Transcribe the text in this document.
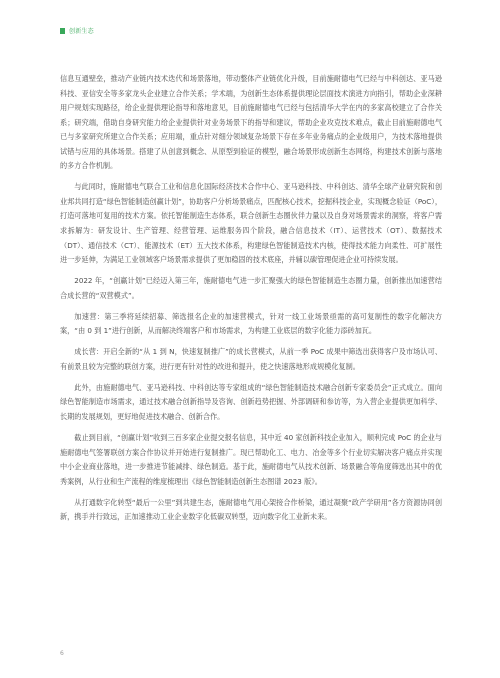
创新生态

信息互通壁垒，推动产业链内技术迭代和场景落地，带动整体产业链优化升级，目前施耐德电气已经与中科创达、亚马逊科技、亚信安全等多家龙头企业建立合作关系；学术端，为创新生态体系提供理论层面技术演进方向指引，帮助企业深耕用户规划实现路径，给企业提供理论指导和落地意见，目前施耐德电气已经与包括清华大学在内的多家高校建立了合作关系；研究端，借助自身研究能力给企业提供针对业务场景下的指导和建议，帮助企业攻克技术难点，截止目前施耐德电气已与多家研究所建立合作关系；应用端，重点针对细分领域复杂场景下存在多年业务痛点的企业级用户，为技术落地提供试错与应用的具体场景。搭建了从创意到概念、从原型到验证的模型，融合场景形成创新生态网络，构建技术创新与落地的多方合作机制。

与此同时，施耐德电气联合工业和信息化国际经济技术合作中心、亚马逊科技、中科创达、清华全球产业研究院和创业邦共同打造“绿色智能制造创赢计划”，协助客户分析场景痛点，匹配核心技术，挖掘科技企业，实现概念验证（PoC），打造可落地可复用的技术方案。依托智能制造生态体系，联合创新生态圈伙伴力量以及自身对场景需求的洞察，将客户需求拆解为：研发设计、生产管理、经营管理、运维服务四个阶段，融合信息技术（IT）、运营技术（OT）、数据技术（DT）、通信技术（CT）、能源技术（ET）五大技术体系，构建绿色智能制造技术内核，使得技术能力向柔性、可扩展性进一步延伸，为满足工业领域客户场景需求提供了更加稳固的技术底座，并辅以碳管理促进企业可持续发展。

2022 年，“创赢计划”已经迈入第三年，施耐德电气进一步汇聚强大的绿色智能制造生态圈力量，创新推出加速营结合成长营的“双营模式”。

加速营：第三季将延续招募、筛选报名企业的加速营模式，针对一线工业场景亟需的高可复制性的数字化解决方案，“由 0 到 1”进行创新，从而解决终端客户和市场需求，为构建工业底层的数字化能力添砖加瓦。

成长营：开启全新的“从 1 到 N，快速复制推广”的成长营模式，从前一季 PoC 成果中筛选出获得客户及市场认可、有前景且较为完整的联创方案，进行更有针对性的改进和提升，使之快速落地形成规模化复制。

此外，由施耐德电气、亚马逊科技、中科创达等专家组成的“绿色智能制造技术融合创新专家委员会”正式成立。面向绿色智能制造市场需求，通过技术融合创新指导及咨询、创新趋势把握、外部调研和参访等，为入营企业提供更加科学、长期的发展规划，更好地促进技术融合、创新合作。

截止到目前，“创赢计划”收到三百多家企业提交报名信息，其中近 40 家创新科技企业加入，顺利完成 PoC 的企业与施耐德电气签署联创方案合作协议并开始进行复制推广。现已帮助化工、电力、冶金等多个行业切实解决客户痛点并实现中小企业商业落地，进一步推进节能减排、绿色制造。基于此，施耐德电气从技术创新、场景融合等角度筛选出其中的优秀案例，从行业和生产流程的维度梳理出《绿色智能制造创新生态图谱 2023 版》。

从打通数字化转型“最后一公里”到共建生态，施耐德电气用心架接合作桥梁，通过凝聚“政产学研用”各方资源协同创新，携手并行致远，正加速推动工业企业数字化低碳双转型，迈向数字化工业新未来。

6
